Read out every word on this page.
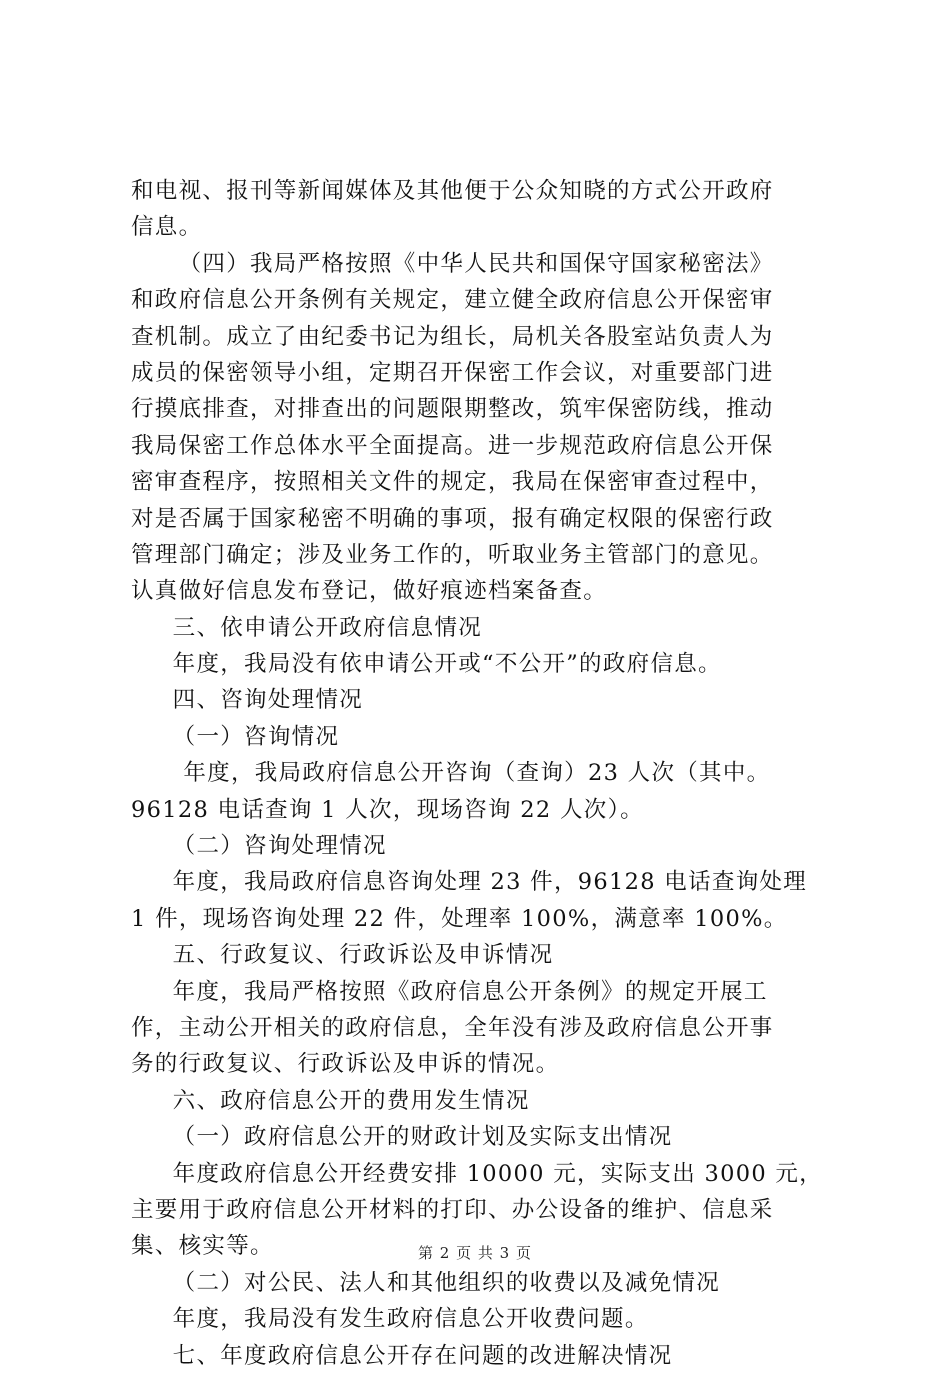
和电视、报刊等新闻媒体及其他便于公众知晓的方式公开政府
信息。
（四）我局严格按照《中华人民共和国保守国家秘密法》
和政府信息公开条例有关规定，建立健全政府信息公开保密审
查机制。成立了由纪委书记为组长，局机关各股室站负责人为
成员的保密领导小组，定期召开保密工作会议，对重要部门进
行摸底排查，对排查出的问题限期整改，筑牢保密防线，推动
我局保密工作总体水平全面提高。进一步规范政府信息公开保
密审查程序，按照相关文件的规定，我局在保密审查过程中，
对是否属于国家秘密不明确的事项，报有确定权限的保密行政
管理部门确定；涉及业务工作的，听取业务主管部门的意见。
认真做好信息发布登记，做好痕迹档案备查。
三、依申请公开政府信息情况
年度，我局没有依申请公开或“不公开”的政府信息。
四、咨询处理情况
（一）咨询情况
年度，我局政府信息公开咨询（查询）23 人次（其中。
96128 电话查询 1 人次，现场咨询 22 人次）。
（二）咨询处理情况
年度，我局政府信息咨询处理 23 件，96128 电话查询处理
1 件，现场咨询处理 22 件，处理率 100%，满意率 100%。
五、行政复议、行政诉讼及申诉情况
年度，我局严格按照《政府信息公开条例》的规定开展工
作，主动公开相关的政府信息，全年没有涉及政府信息公开事
务的行政复议、行政诉讼及申诉的情况。
六、政府信息公开的费用发生情况
（一）政府信息公开的财政计划及实际支出情况
年度政府信息公开经费安排 10000 元，实际支出 3000 元，
主要用于政府信息公开材料的打印、办公设备的维护、信息采
集、核实等。
（二）对公民、法人和其他组织的收费以及减免情况
年度，我局没有发生政府信息公开收费问题。
七、年度政府信息公开存在问题的改进解决情况
第 2 页 共 3 页
